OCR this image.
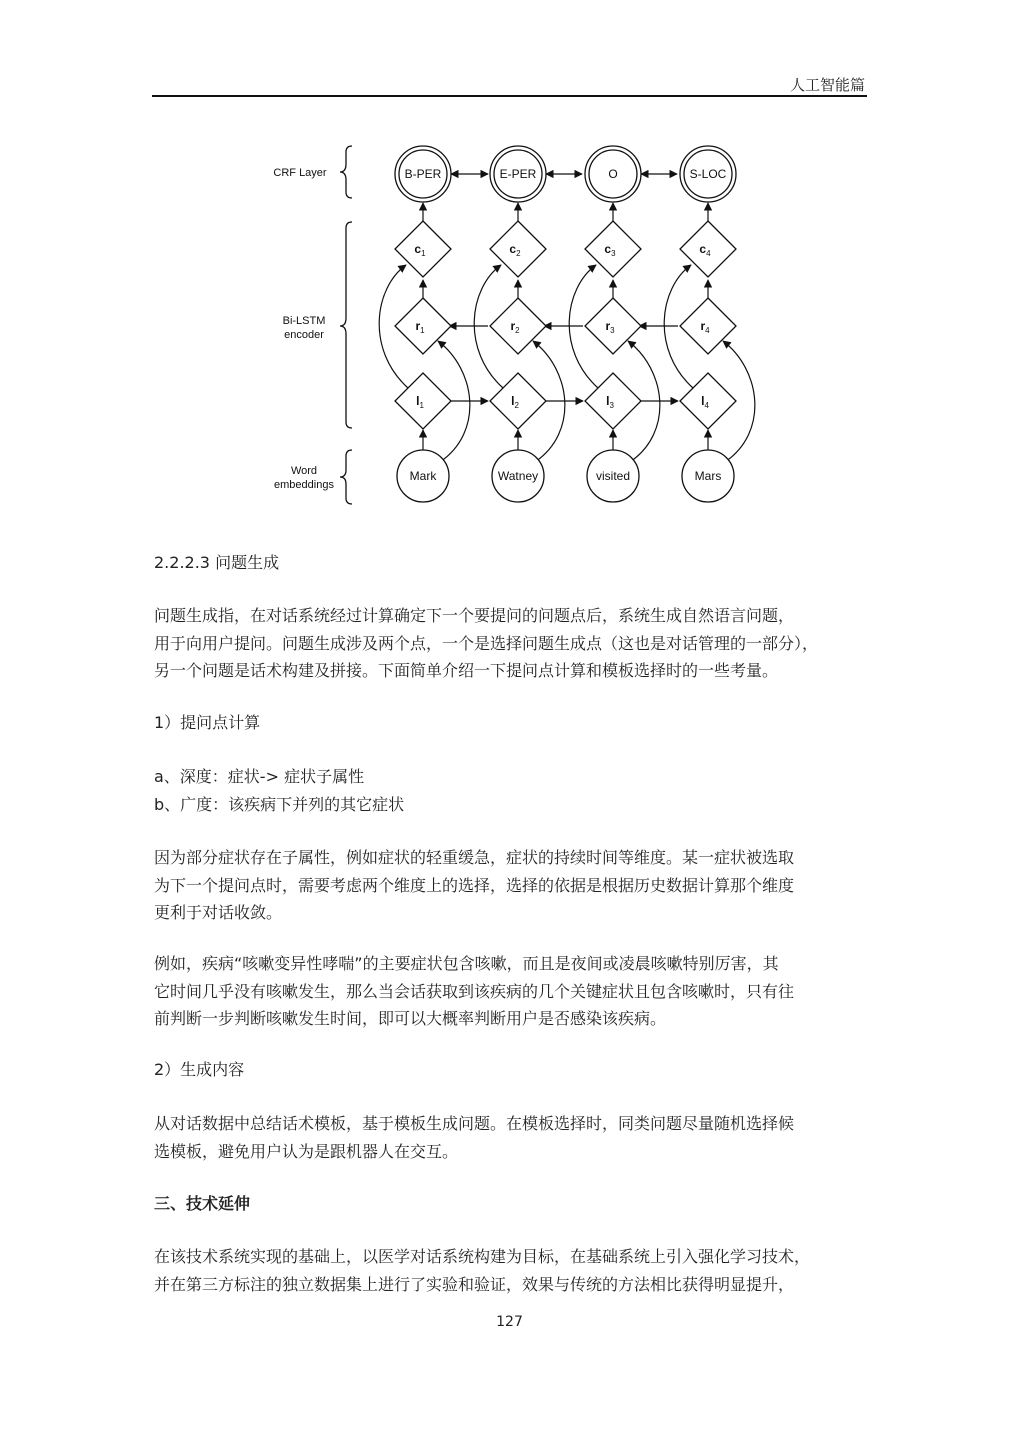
人工智能篇
CRF Layer
Bi-LSTM
encoder
Word
embeddings
B-PER	E-PER	O	S-LOC
$c_1$	$c_2$	$c_3$	$c_4$
$r_1$	$r_2$	$r_3$	$r_4$
$l_1$	$l_2$	$l_3$	$l_4$
Mark	Watney	visited	Mars
2.2.2.3 问题生成
问题生成指，在对话系统经过计算确定下一个要提问的问题点后，系统生成自然语言问题，
用于向用户提问。问题生成涉及两个点，一个是选择问题生成点（这也是对话管理的一部分），
另一个问题是话术构建及拼接。下面简单介绍一下提问点计算和模板选择时的一些考量。
1）提问点计算
a、深度：症状-> 症状子属性
b、广度：该疾病下并列的其它症状
因为部分症状存在子属性，例如症状的轻重缓急，症状的持续时间等维度。某一症状被选取
为下一个提问点时，需要考虑两个维度上的选择，选择的依据是根据历史数据计算那个维度
更利于对话收敛。
例如，疾病“咳嗽变异性哮喘”的主要症状包含咳嗽，而且是夜间或凌晨咳嗽特别厉害，其
它时间几乎没有咳嗽发生，那么当会话获取到该疾病的几个关键症状且包含咳嗽时，只有往
前判断一步判断咳嗽发生时间，即可以大概率判断用户是否感染该疾病。
2）生成内容
从对话数据中总结话术模板，基于模板生成问题。在模板选择时，同类问题尽量随机选择候
选模板，避免用户认为是跟机器人在交互。
三、技术延伸
在该技术系统实现的基础上，以医学对话系统构建为目标，在基础系统上引入强化学习技术，
并在第三方标注的独立数据集上进行了实验和验证，效果与传统的方法相比获得明显提升，
127
